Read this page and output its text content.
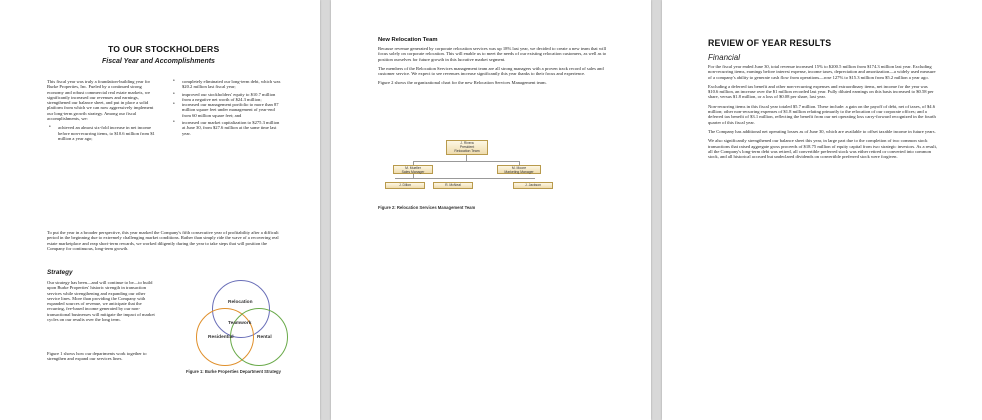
TO OUR STOCKHOLDERS
Fiscal Year and Accomplishments
This fiscal year was truly a foundation-building year for Burke Properties, Inc. Fueled by a continued strong economy and robust commercial real estate markets, we significantly increased our revenues and earnings, strengthened our balance sheet, and put in place a solid platform from which we can now aggressively implement our long-term growth strategy. Among our fiscal accomplishments, we:
• achieved an almost six-fold increase in net income before non-recurring items, to $10.6 million from $1 million a year ago;
• completely eliminated our long-term debt, which was $20.2 million last fiscal year;
• improved our stockholders' equity to $10.7 million from a negative net worth of $24.3 million;
• increased our management portfolio to more than 87 million square feet under management of year-end from 60 million square feet; and
• increased our market capitalization to $275.3 million at June 30, from $27.6 million at the same time last year.
To put the year in a broader perspective, this year marked the Company's fifth consecutive year of profitability after a difficult period in the beginning due to extremely challenging market conditions. Rather than simply ride the wave of a recovering real estate marketplace and reap short-term rewards, we worked diligently during the year to take steps that will position the Company for continuous, long-term growth.
Strategy
Our strategy has been—and will continue to be—to build upon Burke Properties' historic strength in transaction services while strengthening and expanding our other service lines. More than providing the Company with expanded sources of revenue, we anticipate that the recurring, fee-based income generated by our non-transactional businesses will mitigate the impact of market cycles on our results over the long term.
Figure 1 shows how our departments work together to strengthen and expand our services lines.
Relocation
Teamwork
Residential	Rental
Figure 1: Burke Properties Department Strategy
New Relocation Team

Because revenue generated by corporate relocation services was up 18% last year, we decided to create a new team that will focus solely on corporate relocation. This will enable us to meet the needs of our existing relocation customers, as well as to position ourselves for future growth in this lucrative market segment.

The members of the Relocation Services management team are all strong managers with a proven track record of sales and customer service. We expect to see revenues increase significantly this year thanks to their focus and experience.

Figure 2 shows the organizational chart for the new Relocation Services Management team.

J. Rivera
President
Relocation Team
M. Mueller
Sales Manager
M. Moore
Marketing Manager
J. Dillon	R. McNeal	J. Jackson
Figure 2: Relocation Services Management Team
REVIEW OF YEAR RESULTS
Financial

For the fiscal year ended June 30, total revenue increased 15% to $200.5 million from $174.3 million last year. Excluding non-recurring items, earnings before interest expense, income taxes, depreciation and amortization—a widely used measure of a company's ability to generate cash flow from operations—rose 127% to $15.3 million from $5.2 million a year ago.

Excluding a deferred tax benefit and other non-recurring expenses and extraordinary items, net income for the year was $10.6 million, an increase over the $1 million recorded last year. Fully diluted earnings on this basis increased to $0.58 per share, versus $1.8 million, or a loss of $0.08 per share, last year.

Non-recurring items in this fiscal year totaled $5.7 million. These include: a gain on the payoff of debt, net of taxes, of $4.6 million; other non-recurring expenses of $1.8 million relating primarily to the relocation of our corporate offices; and a deferred tax benefit of $3.1 million, reflecting the benefit from our net operating loss carry-forward recognized in the fourth quarter of this fiscal year.

The Company has additional net operating losses as of June 30, which are available to offset taxable income in future years.

We also significantly strengthened our balance sheet this year, in large part due to the completion of two common stock transactions that raised aggregate gross proceeds of $18.75 million of equity capital from two strategic investors. As a result, all the Company's long-term debt was retired, all convertible preferred stock was either retired or converted into common stock, and all historical accrued but undeclared dividends on convertible preferred stock were forgiven.
